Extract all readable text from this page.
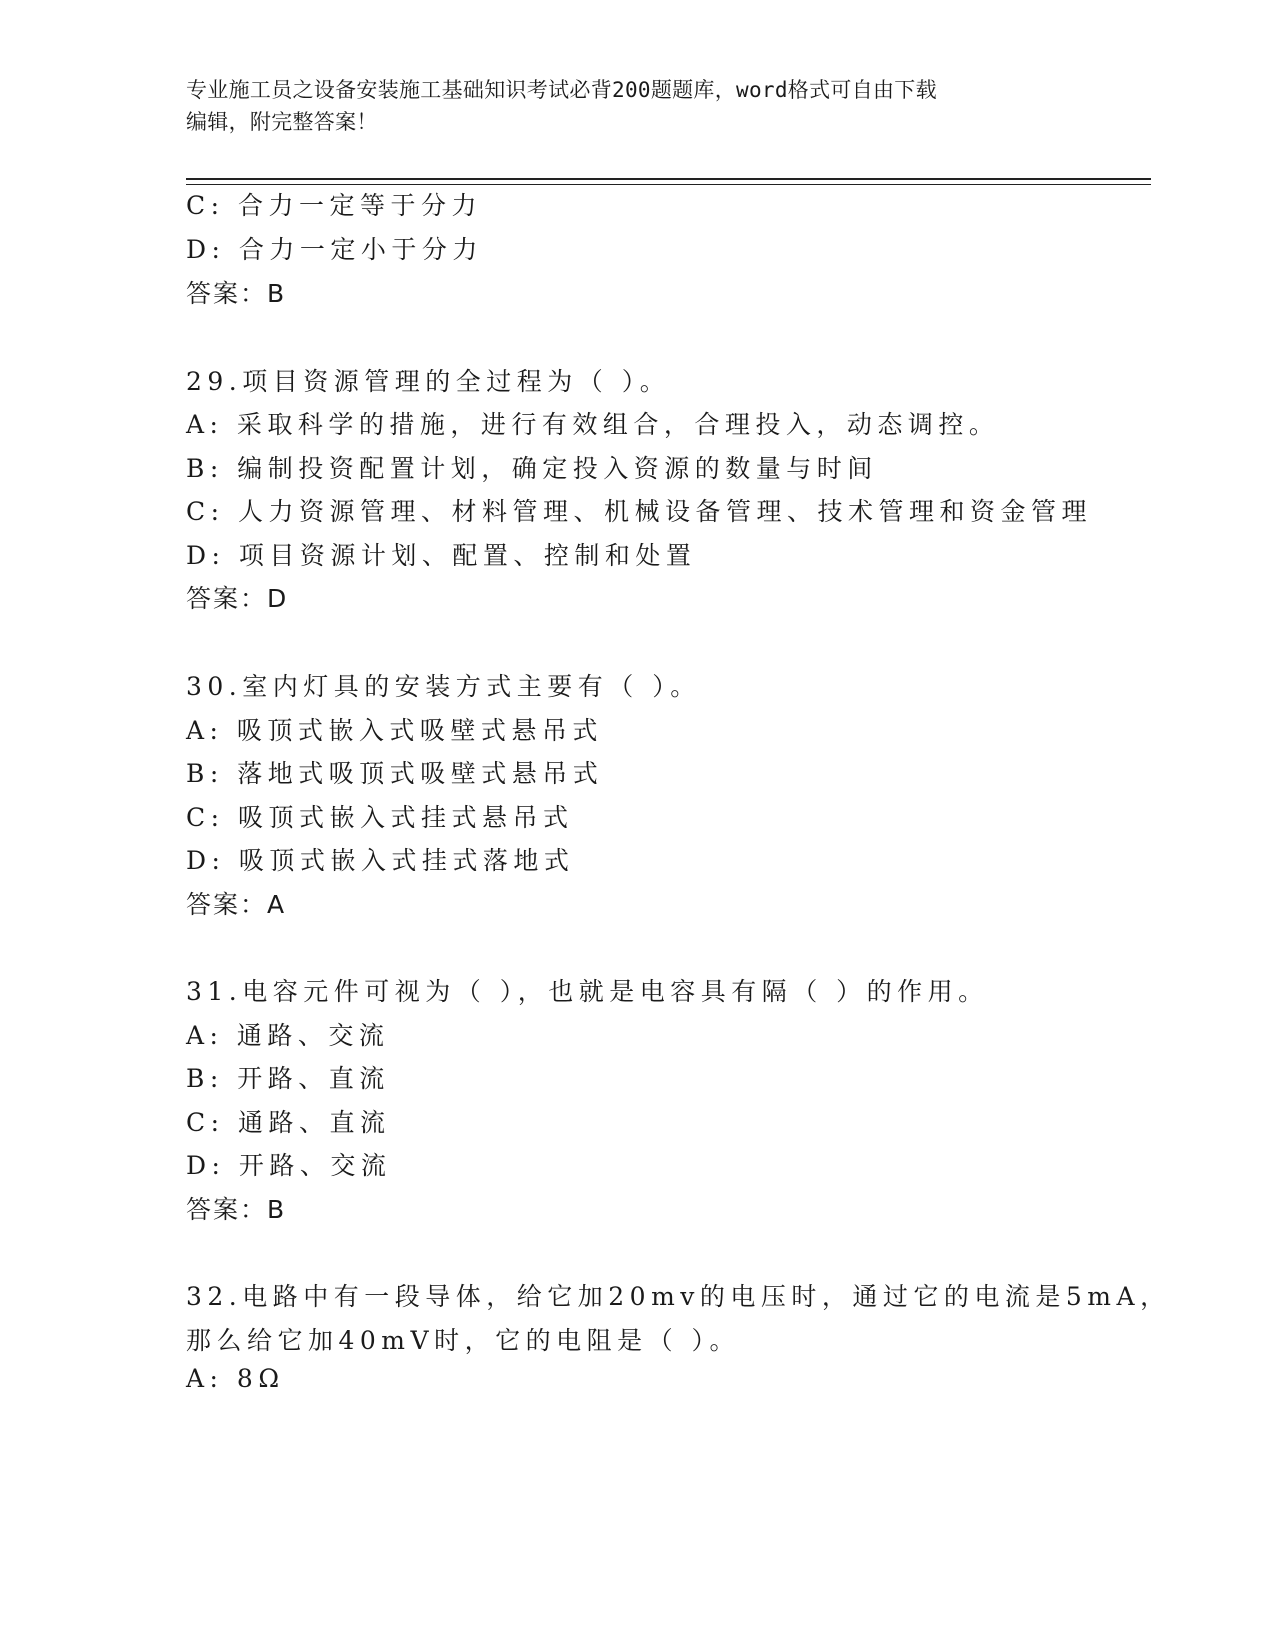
专业施工员之设备安装施工基础知识考试必背200题题库，word格式可自由下载
编辑，附完整答案！
C: 合力一定等于分力
D: 合力一定小于分力
答案：B
29.项目资源管理的全过程为（ ）。
A: 采取科学的措施，进行有效组合，合理投入，动态调控。
B: 编制投资配置计划，确定投入资源的数量与时间
C: 人力资源管理、材料管理、机械设备管理、技术管理和资金管理
D: 项目资源计划、配置、控制和处置
答案：D
30.室内灯具的安装方式主要有（ ）。
A: 吸顶式嵌入式吸壁式悬吊式
B: 落地式吸顶式吸壁式悬吊式
C: 吸顶式嵌入式挂式悬吊式
D: 吸顶式嵌入式挂式落地式
答案：A
31.电容元件可视为（ ），也就是电容具有隔（ ）的作用。
A: 通路、交流
B: 开路、直流
C: 通路、直流
D: 开路、交流
答案：B
32.电路中有一段导体，给它加20mv的电压时，通过它的电流是5mA，
那么给它加40mV时，它的电阻是（ ）。
A: 8Ω
